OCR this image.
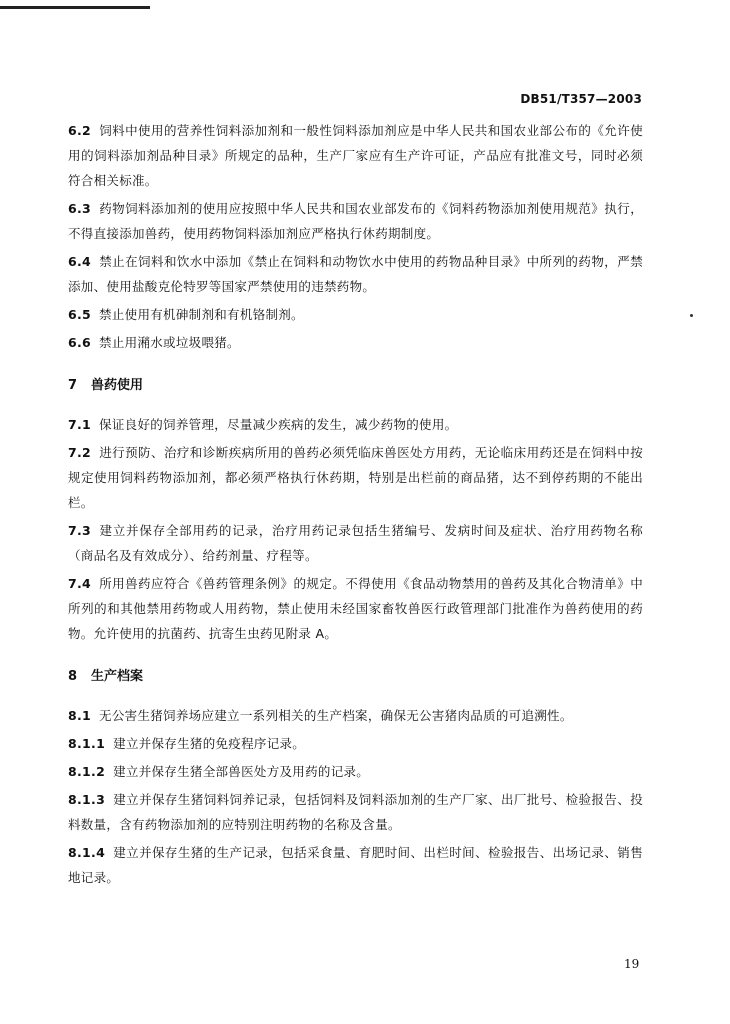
DB51/T357—2003

6.2 饲料中使用的营养性饲料添加剂和一般性饲料添加剂应是中华人民共和国农业部公布的《允许使用的饲料添加剂品种目录》所规定的品种，生产厂家应有生产许可证，产品应有批准文号，同时必须符合相关标准。

6.3 药物饲料添加剂的使用应按照中华人民共和国农业部发布的《饲料药物添加剂使用规范》执行，不得直接添加兽药，使用药物饲料添加剂应严格执行休药期制度。

6.4 禁止在饲料和饮水中添加《禁止在饲料和动物饮水中使用的药物品种目录》中所列的药物，严禁添加、使用盐酸克伦特罗等国家严禁使用的违禁药物。

6.5 禁止使用有机砷制剂和有机铬制剂。

6.6 禁止用潲水或垃圾喂猪。

7 兽药使用

7.1 保证良好的饲养管理，尽量减少疾病的发生，减少药物的使用。

7.2 进行预防、治疗和诊断疾病所用的兽药必须凭临床兽医处方用药，无论临床用药还是在饲料中按规定使用饲料药物添加剂，都必须严格执行休药期，特别是出栏前的商品猪，达不到停药期的不能出栏。

7.3 建立并保存全部用药的记录，治疗用药记录包括生猪编号、发病时间及症状、治疗用药物名称（商品名及有效成分）、给药剂量、疗程等。

7.4 所用兽药应符合《兽药管理条例》的规定。不得使用《食品动物禁用的兽药及其化合物清单》中所列的和其他禁用药物或人用药物，禁止使用未经国家畜牧兽医行政管理部门批准作为兽药使用的药物。允许使用的抗菌药、抗寄生虫药见附录 A。

8 生产档案

8.1 无公害生猪饲养场应建立一系列相关的生产档案，确保无公害猪肉品质的可追溯性。

8.1.1 建立并保存生猪的免疫程序记录。

8.1.2 建立并保存生猪全部兽医处方及用药的记录。

8.1.3 建立并保存生猪饲料饲养记录，包括饲料及饲料添加剂的生产厂家、出厂批号、检验报告、投料数量，含有药物添加剂的应特别注明药物的名称及含量。

8.1.4 建立并保存生猪的生产记录，包括采食量、育肥时间、出栏时间、检验报告、出场记录、销售地记录。

19
